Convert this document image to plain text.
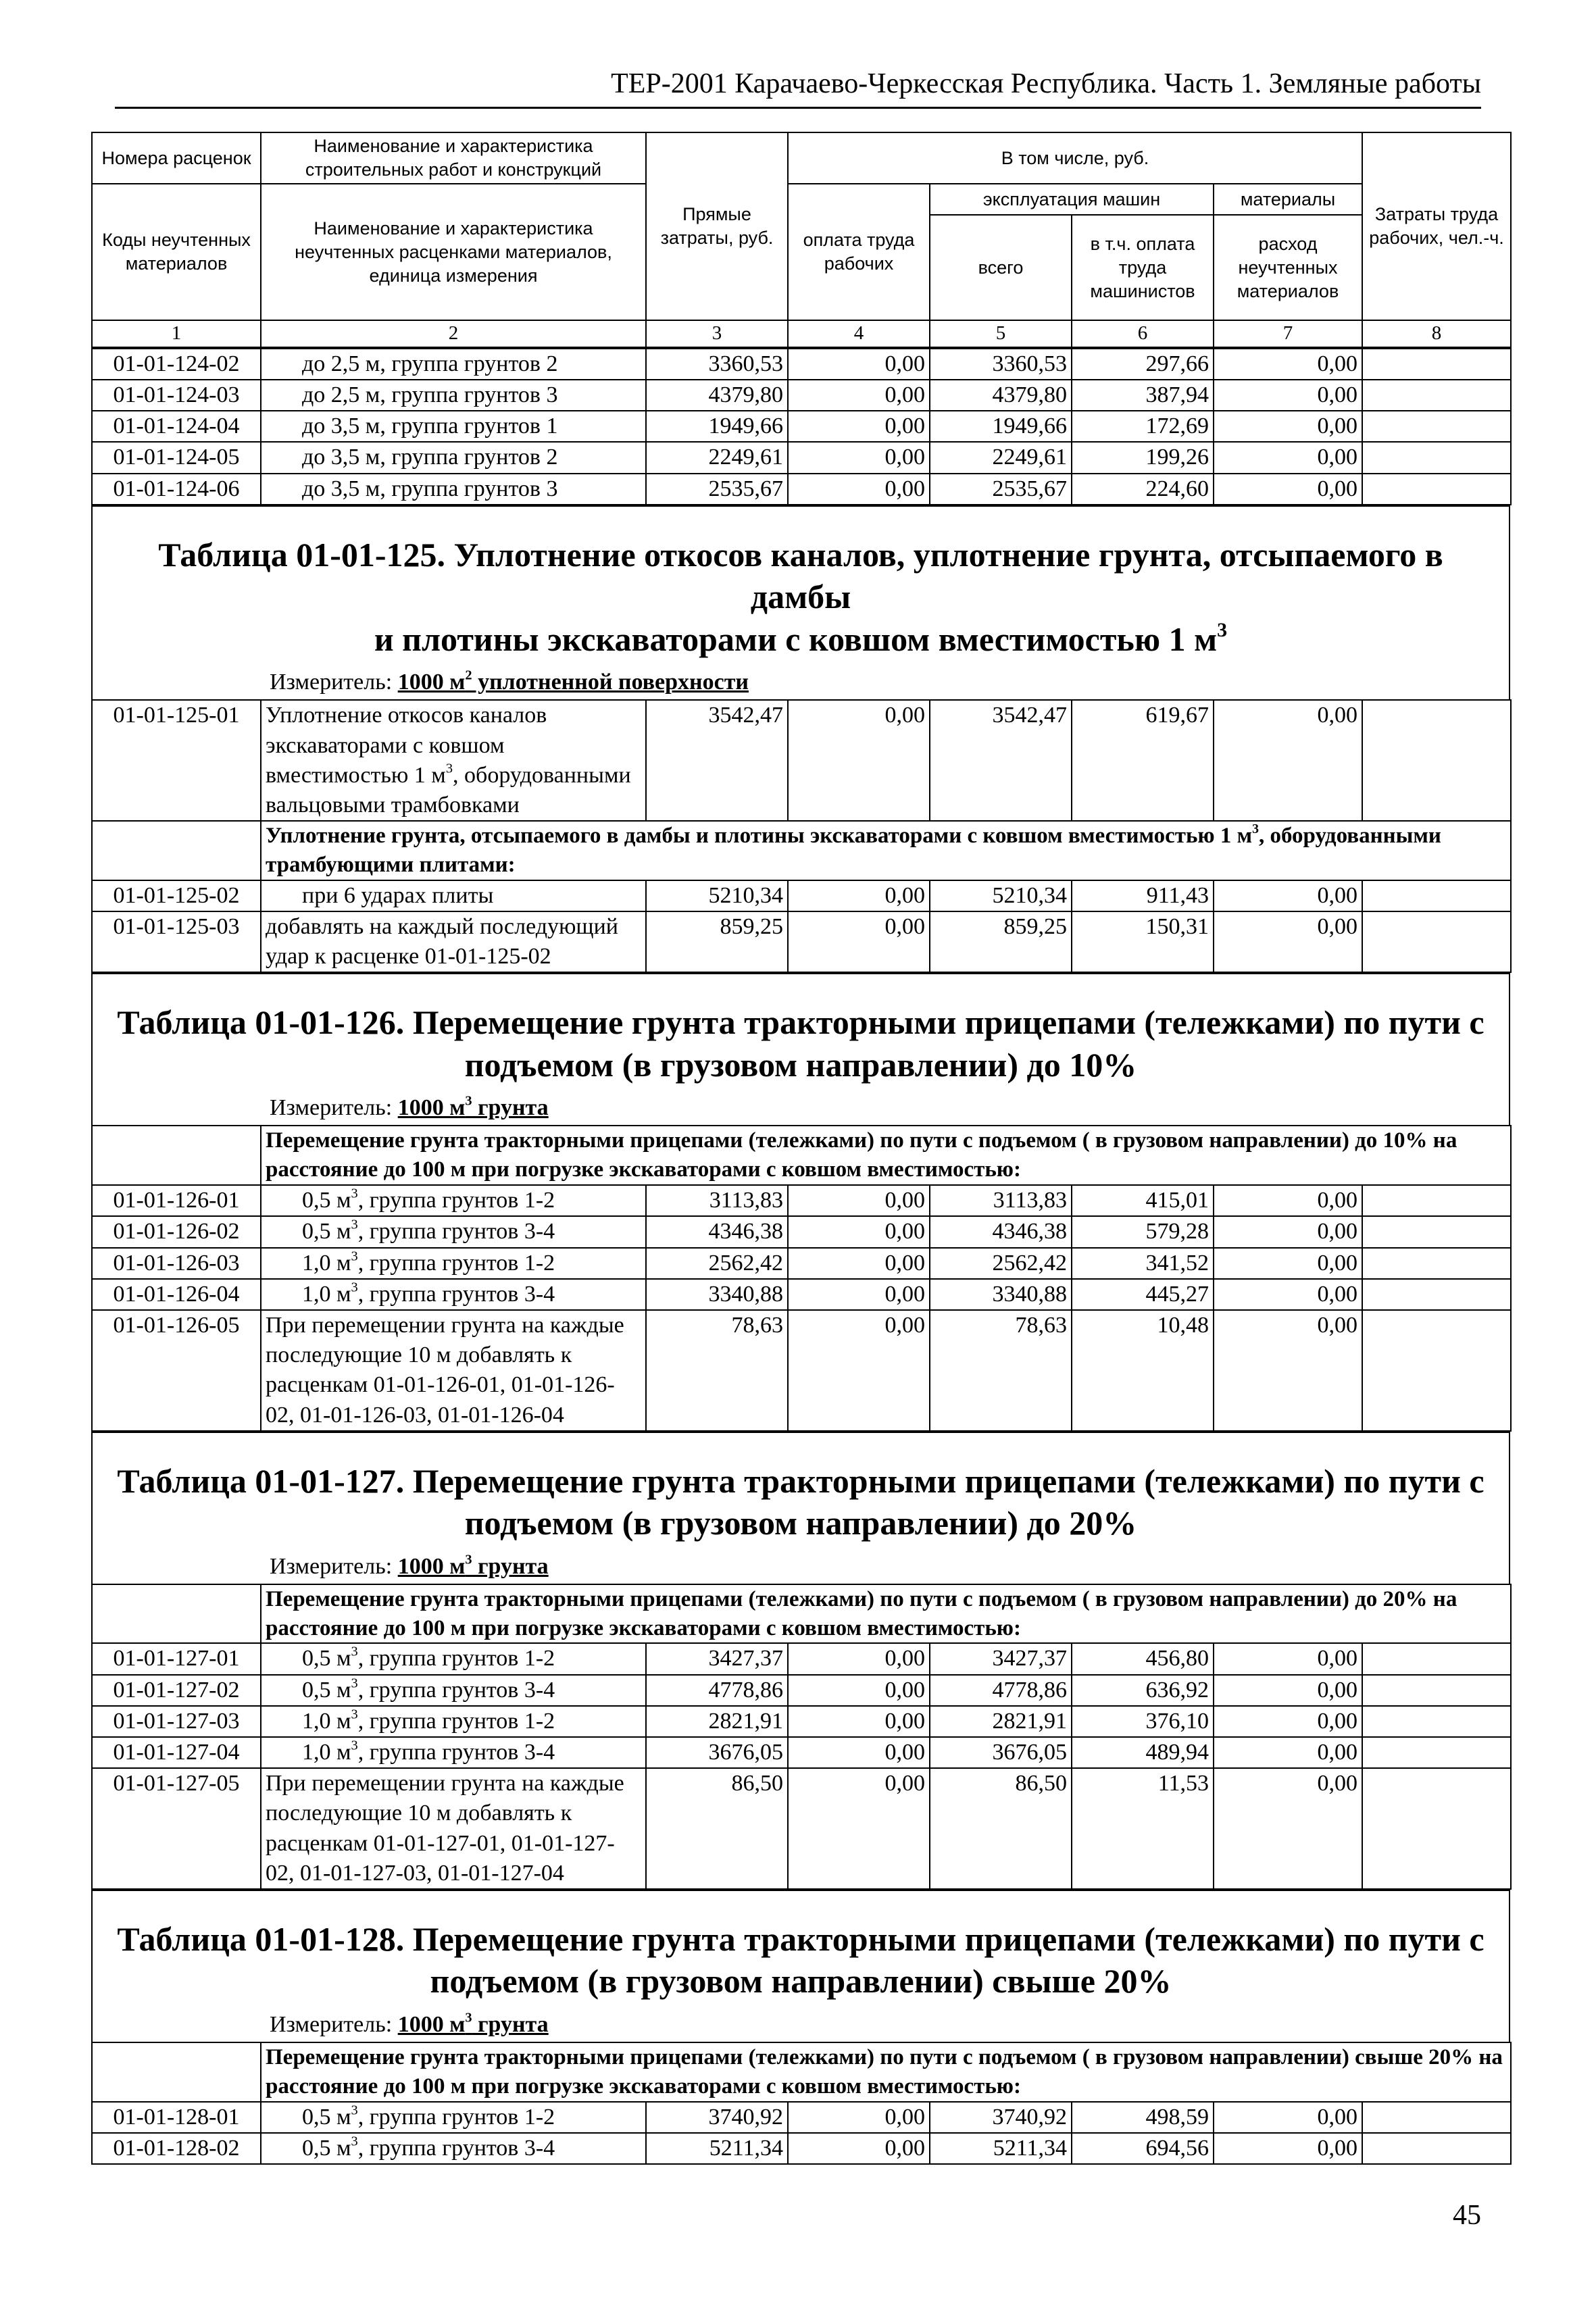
ТЕР-2001 Карачаево-Черкесская Республика. Часть 1. Земляные работы
Номера расценок	Наименование и характеристика строительных работ и конструкций	Прямые затраты, руб.	В том числе, руб.				Затраты труда рабочих, чел.-ч.
Коды неучтенных материалов	Наименование и характеристика неучтенных расценками материалов, единица измерения		оплата труда рабочих	эксплуатация машин		материалы	
				всего	в т.ч. оплата труда машинистов	расход неучтенных материалов	

1	2	3	4	5	6	7	8
01-01-124-02	до 2,5 м, группа грунтов 2	3360,53	0,00	3360,53	297,66	0,00	
01-01-124-03	до 2,5 м, группа грунтов 3	4379,80	0,00	4379,80	387,94	0,00	
01-01-124-04	до 3,5 м, группа грунтов 1	1949,66	0,00	1949,66	172,69	0,00	
01-01-124-05	до 3,5 м, группа грунтов 2	2249,61	0,00	2249,61	199,26	0,00	
01-01-124-06	до 3,5 м, группа грунтов 3	2535,67	0,00	2535,67	224,60	0,00	
Таблица 01-01-125. Уплотнение откосов каналов, уплотнение грунта, отсыпаемого в дамбы
и плотины экскаваторами с ковшом вместимостью 1 $м^3$
Измеритель: 1000 $м^2$ уплотненной поверхности
01-01-125-01	Уплотнение откосов каналов экскаваторами с ковшом вместимостью 1 $м^3$, оборудованными вальцовыми трамбовками	3542,47	0,00	3542,47	619,67	0,00	
	Уплотнение грунта, отсыпаемого в дамбы и плотины экскаваторами с ковшом вместимостью 1 $м^3$, оборудованными трамбующими плитами:						
01-01-125-02	при 6 ударах плиты	5210,34	0,00	5210,34	911,43	0,00	
01-01-125-03	добавлять на каждый последующий удар к расценке 01-01-125-02	859,25	0,00	859,25	150,31	0,00	
Таблица 01-01-126. Перемещение грунта тракторными прицепами (тележками) по пути с
подъемом (в грузовом направлении) до 10%
Измеритель: 1000 $м^3$ грунта
	Перемещение грунта тракторными прицепами (тележками) по пути с подъемом ( в грузовом направлении) до 10% на расстояние до 100 м при погрузке экскаваторами с ковшом вместимостью:						
01-01-126-01	0,5 $м^3$, группа грунтов 1-2	3113,83	0,00	3113,83	415,01	0,00	
01-01-126-02	0,5 $м^3$, группа грунтов 3-4	4346,38	0,00	4346,38	579,28	0,00	
01-01-126-03	1,0 $м^3$, группа грунтов 1-2	2562,42	0,00	2562,42	341,52	0,00	
01-01-126-04	1,0 $м^3$, группа грунтов 3-4	3340,88	0,00	3340,88	445,27	0,00	
01-01-126-05	При перемещении грунта на каждые последующие 10 м добавлять к расценкам 01-01-126-01, 01-01-126-02, 01-01-126-03, 01-01-126-04	78,63	0,00	78,63	10,48	0,00	
Таблица 01-01-127. Перемещение грунта тракторными прицепами (тележками) по пути с
подъемом (в грузовом направлении) до 20%
Измеритель: 1000 $м^3$ грунта
	Перемещение грунта тракторными прицепами (тележками) по пути с подъемом ( в грузовом направлении) до 20% на расстояние до 100 м при погрузке экскаваторами с ковшом вместимостью:						
01-01-127-01	0,5 $м^3$, группа грунтов 1-2	3427,37	0,00	3427,37	456,80	0,00	
01-01-127-02	0,5 $м^3$, группа грунтов 3-4	4778,86	0,00	4778,86	636,92	0,00	
01-01-127-03	1,0 $м^3$, группа грунтов 1-2	2821,91	0,00	2821,91	376,10	0,00	
01-01-127-04	1,0 $м^3$, группа грунтов 3-4	3676,05	0,00	3676,05	489,94	0,00	
01-01-127-05	При перемещении грунта на каждые последующие 10 м добавлять к расценкам 01-01-127-01, 01-01-127-02, 01-01-127-03, 01-01-127-04	86,50	0,00	86,50	11,53	0,00	
Таблица 01-01-128. Перемещение грунта тракторными прицепами (тележками) по пути с
подъемом (в грузовом направлении) свыше 20%
Измеритель: 1000 $м^3$ грунта
	Перемещение грунта тракторными прицепами (тележками) по пути с подъемом ( в грузовом направлении) свыше 20% на расстояние до 100 м при погрузке экскаваторами с ковшом вместимостью:						
01-01-128-01	0,5 $м^3$, группа грунтов 1-2	3740,92	0,00	3740,92	498,59	0,00	
01-01-128-02	0,5 $м^3$, группа грунтов 3-4	5211,34	0,00	5211,34	694,56	0,00	
45
